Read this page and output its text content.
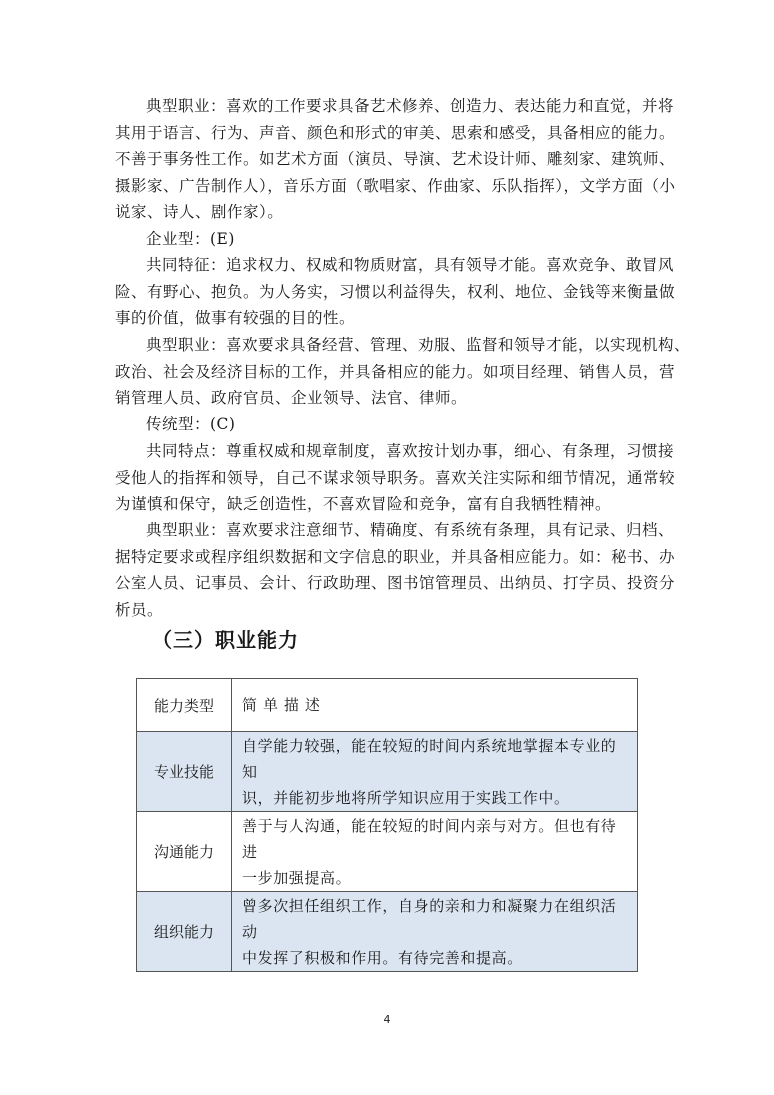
典型职业：喜欢的工作要求具备艺术修养、创造力、表达能力和直觉，并将
其用于语言、行为、声音、颜色和形式的审美、思索和感受，具备相应的能力。
不善于事务性工作。如艺术方面（演员、导演、艺术设计师、雕刻家、建筑师、
摄影家、广告制作人），音乐方面（歌唱家、作曲家、乐队指挥），文学方面（小
说家、诗人、剧作家）。
企业型：(E)
共同特征：追求权力、权威和物质财富，具有领导才能。喜欢竞争、敢冒风
险、有野心、抱负。为人务实，习惯以利益得失，权利、地位、金钱等来衡量做
事的价值，做事有较强的目的性。
典型职业：喜欢要求具备经营、管理、劝服、监督和领导才能，以实现机构、
政治、社会及经济目标的工作，并具备相应的能力。如项目经理、销售人员，营
销管理人员、政府官员、企业领导、法官、律师。
传统型：(C)
共同特点：尊重权威和规章制度，喜欢按计划办事，细心、有条理，习惯接
受他人的指挥和领导，自己不谋求领导职务。喜欢关注实际和细节情况，通常较
为谨慎和保守，缺乏创造性，不喜欢冒险和竞争，富有自我牺牲精神。
典型职业：喜欢要求注意细节、精确度、有系统有条理，具有记录、归档、
据特定要求或程序组织数据和文字信息的职业，并具备相应能力。如：秘书、办
公室人员、记事员、会计、行政助理、图书馆管理员、出纳员、打字员、投资分
析员。
（三）职业能力
能力类型	简 单 描 述
专业技能	自学能力较强，能在较短的时间内系统地掌握本专业的知
识，并能初步地将所学知识应用于实践工作中。

沟通能力	善于与人沟通，能在较短的时间内亲与对方。但也有待进
一步加强提高。

组织能力	曾多次担任组织工作，自身的亲和力和凝聚力在组织活动
中发挥了积极和作用。有待完善和提高。
4
